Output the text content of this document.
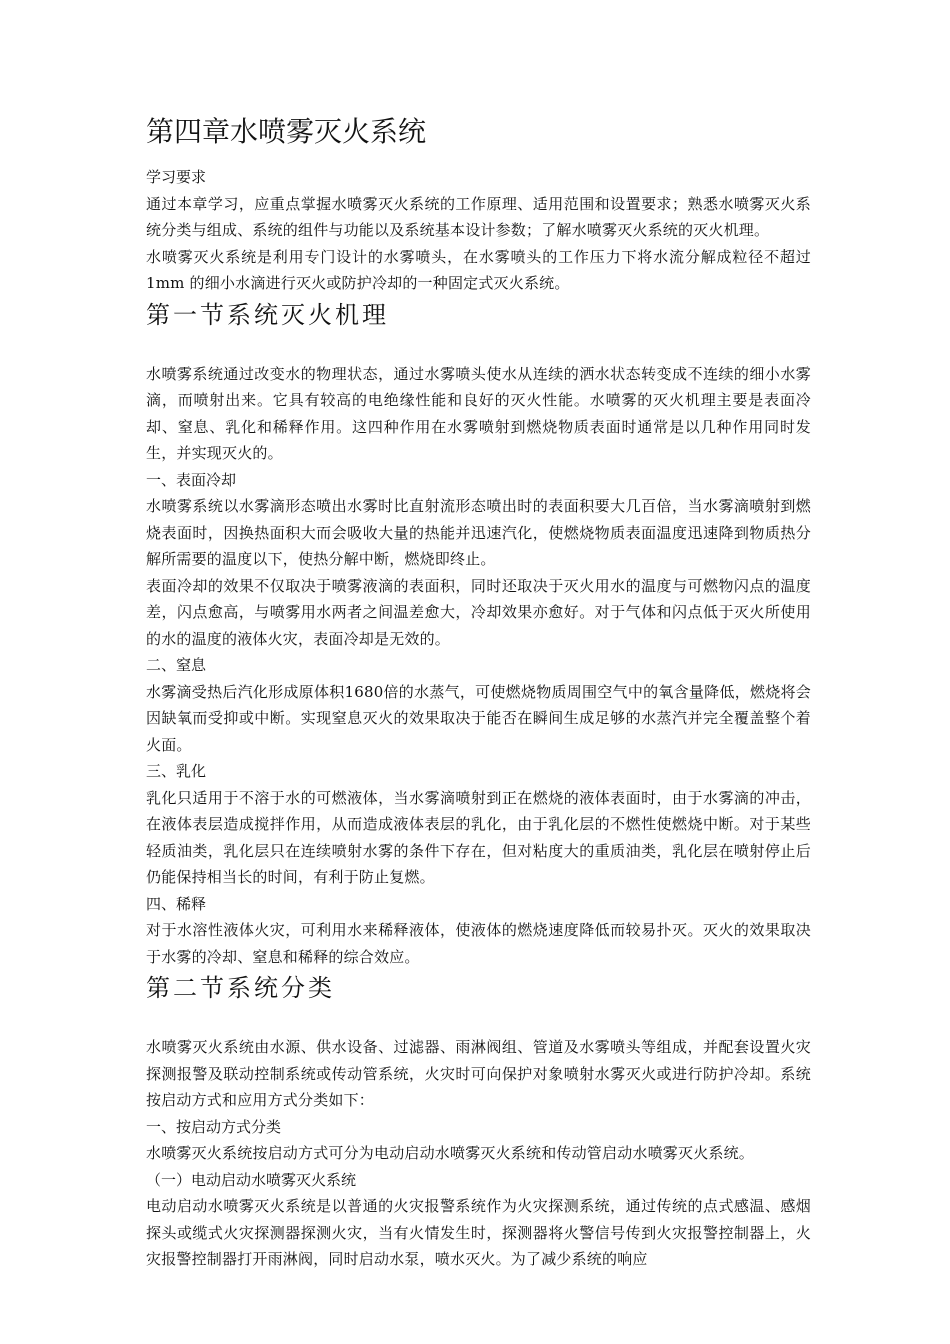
第四章水喷雾灭火系统

学习要求

通过本章学习，应重点掌握水喷雾灭火系统的工作原理、适用范围和设置要求；熟悉水喷雾灭火系统分类与组成、系统的组件与功能以及系统基本设计参数；了解水喷雾灭火系统的灭火机理。

水喷雾灭火系统是利用专门设计的水雾喷头，在水雾喷头的工作压力下将水流分解成粒径不超过1mm 的细小水滴进行灭火或防护冷却的一种固定式灭火系统。

第一节系统灭火机理

水喷雾系统通过改变水的物理状态，通过水雾喷头使水从连续的洒水状态转变成不连续的细小水雾滴，而喷射出来。它具有较高的电绝缘性能和良好的灭火性能。水喷雾的灭火机理主要是表面冷却、窒息、乳化和稀释作用。这四种作用在水雾喷射到燃烧物质表面时通常是以几种作用同时发生，并实现灭火的。

一、表面冷却

水喷雾系统以水雾滴形态喷出水雾时比直射流形态喷出时的表面积要大几百倍，当水雾滴喷射到燃烧表面时，因换热面积大而会吸收大量的热能并迅速汽化，使燃烧物质表面温度迅速降到物质热分解所需要的温度以下，使热分解中断，燃烧即终止。

表面冷却的效果不仅取决于喷雾液滴的表面积，同时还取决于灭火用水的温度与可燃物闪点的温度差，闪点愈高，与喷雾用水两者之间温差愈大，冷却效果亦愈好。对于气体和闪点低于灭火所使用的水的温度的液体火灾，表面冷却是无效的。

二、窒息

水雾滴受热后汽化形成原体积1680倍的水蒸气，可使燃烧物质周围空气中的氧含量降低，燃烧将会因缺氧而受抑或中断。实现窒息灭火的效果取决于能否在瞬间生成足够的水蒸汽并完全覆盖整个着火面。

三、乳化

乳化只适用于不溶于水的可燃液体，当水雾滴喷射到正在燃烧的液体表面时，由于水雾滴的冲击，在液体表层造成搅拌作用，从而造成液体表层的乳化，由于乳化层的不燃性使燃烧中断。对于某些轻质油类，乳化层只在连续喷射水雾的条件下存在，但对粘度大的重质油类，乳化层在喷射停止后仍能保持相当长的时间，有利于防止复燃。

四、稀释

对于水溶性液体火灾，可利用水来稀释液体，使液体的燃烧速度降低而较易扑灭。灭火的效果取决于水雾的冷却、窒息和稀释的综合效应。

第二节系统分类

水喷雾灭火系统由水源、供水设备、过滤器、雨淋阀组、管道及水雾喷头等组成，并配套设置火灾探测报警及联动控制系统或传动管系统，火灾时可向保护对象喷射水雾灭火或进行防护冷却。系统按启动方式和应用方式分类如下：

一、按启动方式分类

水喷雾灭火系统按启动方式可分为电动启动水喷雾灭火系统和传动管启动水喷雾灭火系统。

（一）电动启动水喷雾灭火系统

电动启动水喷雾灭火系统是以普通的火灾报警系统作为火灾探测系统，通过传统的点式感温、感烟探头或缆式火灾探测器探测火灾，当有火情发生时，探测器将火警信号传到火灾报警控制器上，火灾报警控制器打开雨淋阀，同时启动水泵，喷水灭火。为了减少系统的响应
